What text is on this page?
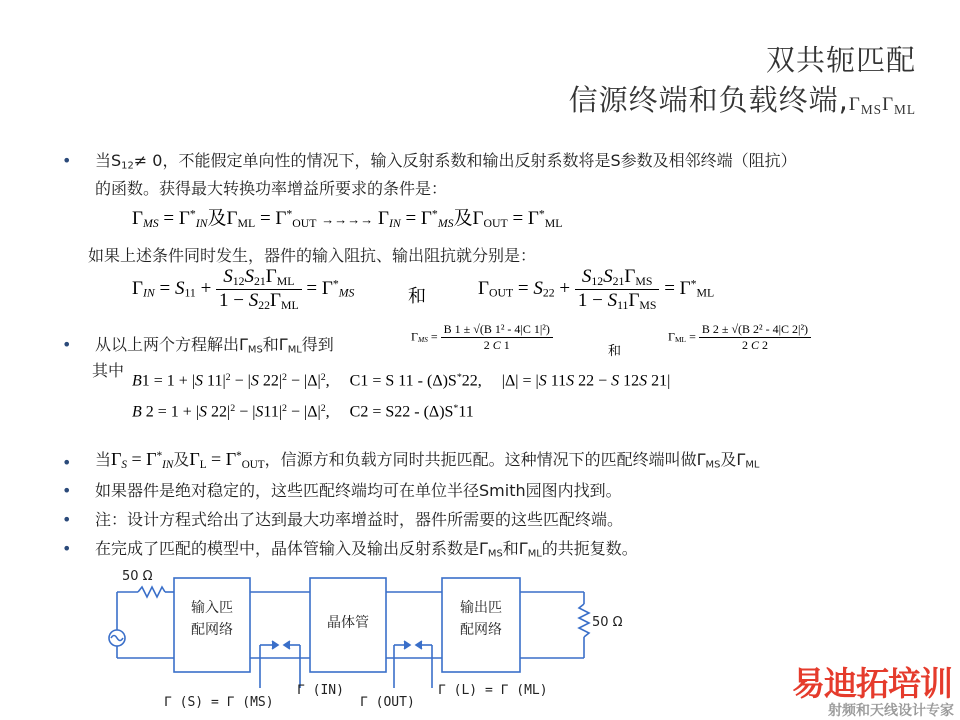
双共轭匹配
信源终端和负载终端$,\Gamma_{MS}\Gamma_{ML}$
• 当S12≠ 0，不能假定单向性的情况下，输入反射系数和输出反射系数将是S参数及相邻终端（阻抗）
的函数。获得最大转换功率增益所要求的条件是：
ΓMS = Γ*IN及ΓML = Γ*OUT →→→→ ΓIN = Γ*MS及ΓOUT = Γ*ML
如果上述条件同时发生，器件的输入阻抗、输出阻抗就分别是：
$\Gamma IN = S11 + \frac{\text{S12S21ΓML}}{\text{1 − S22ΓML}} = \Gamma^*MS$	和	$\Gamma OUT = S22 + \frac{\text{S12S21ΓMS}}{\text{1 − S11ΓMS}} = \Gamma^*ML$
• 从以上两个方程解出ΓMS和ΓML得到
其中
$\Gamma MS = \frac{\text{B 1 ± √(B 1² - 4|C 1|²)}}{2 C 1}$	和
$\Gamma ML = \frac{\text{B 2 ± √(B 2² - 4|C 2|²)}}{2 C 2}$
B1 = 1 + |S $11|^2 - |S$ $22|^2 - |\Delta|^2$,     C1 = S 11 - (Δ)S*22,     |Δ| = |S 11S 22 − S 12S 21|
B 2 = 1 + |S $22|^2 - |S11|^2 - |\Delta|^2$,     C2 = S22 - (Δ)S*11
• 当ΓS = Γ*IN及ΓL = Γ*OUT，信源方和负载方同时共扼匹配。这种情况下的匹配终端叫做ΓMS及ΓML
• 如果器件是绝对稳定的，这些匹配终端均可在单位半径Smith园图内找到。
• 注：设计方程式给出了达到最大功率增益时，器件所需要的这些匹配终端。
• 在完成了匹配的模型中，晶体管输入及输出反射系数是ΓMS和ΓML的共扼复数。
50 Ω
50 Ω
输入匹
配网络	晶体管
输出匹
配网络
Γ (S) = Γ (MS)
Γ (IN)
Γ (OUT)
Γ (L) = Γ (ML)	易迪拓培训
射频和天线设计专家
